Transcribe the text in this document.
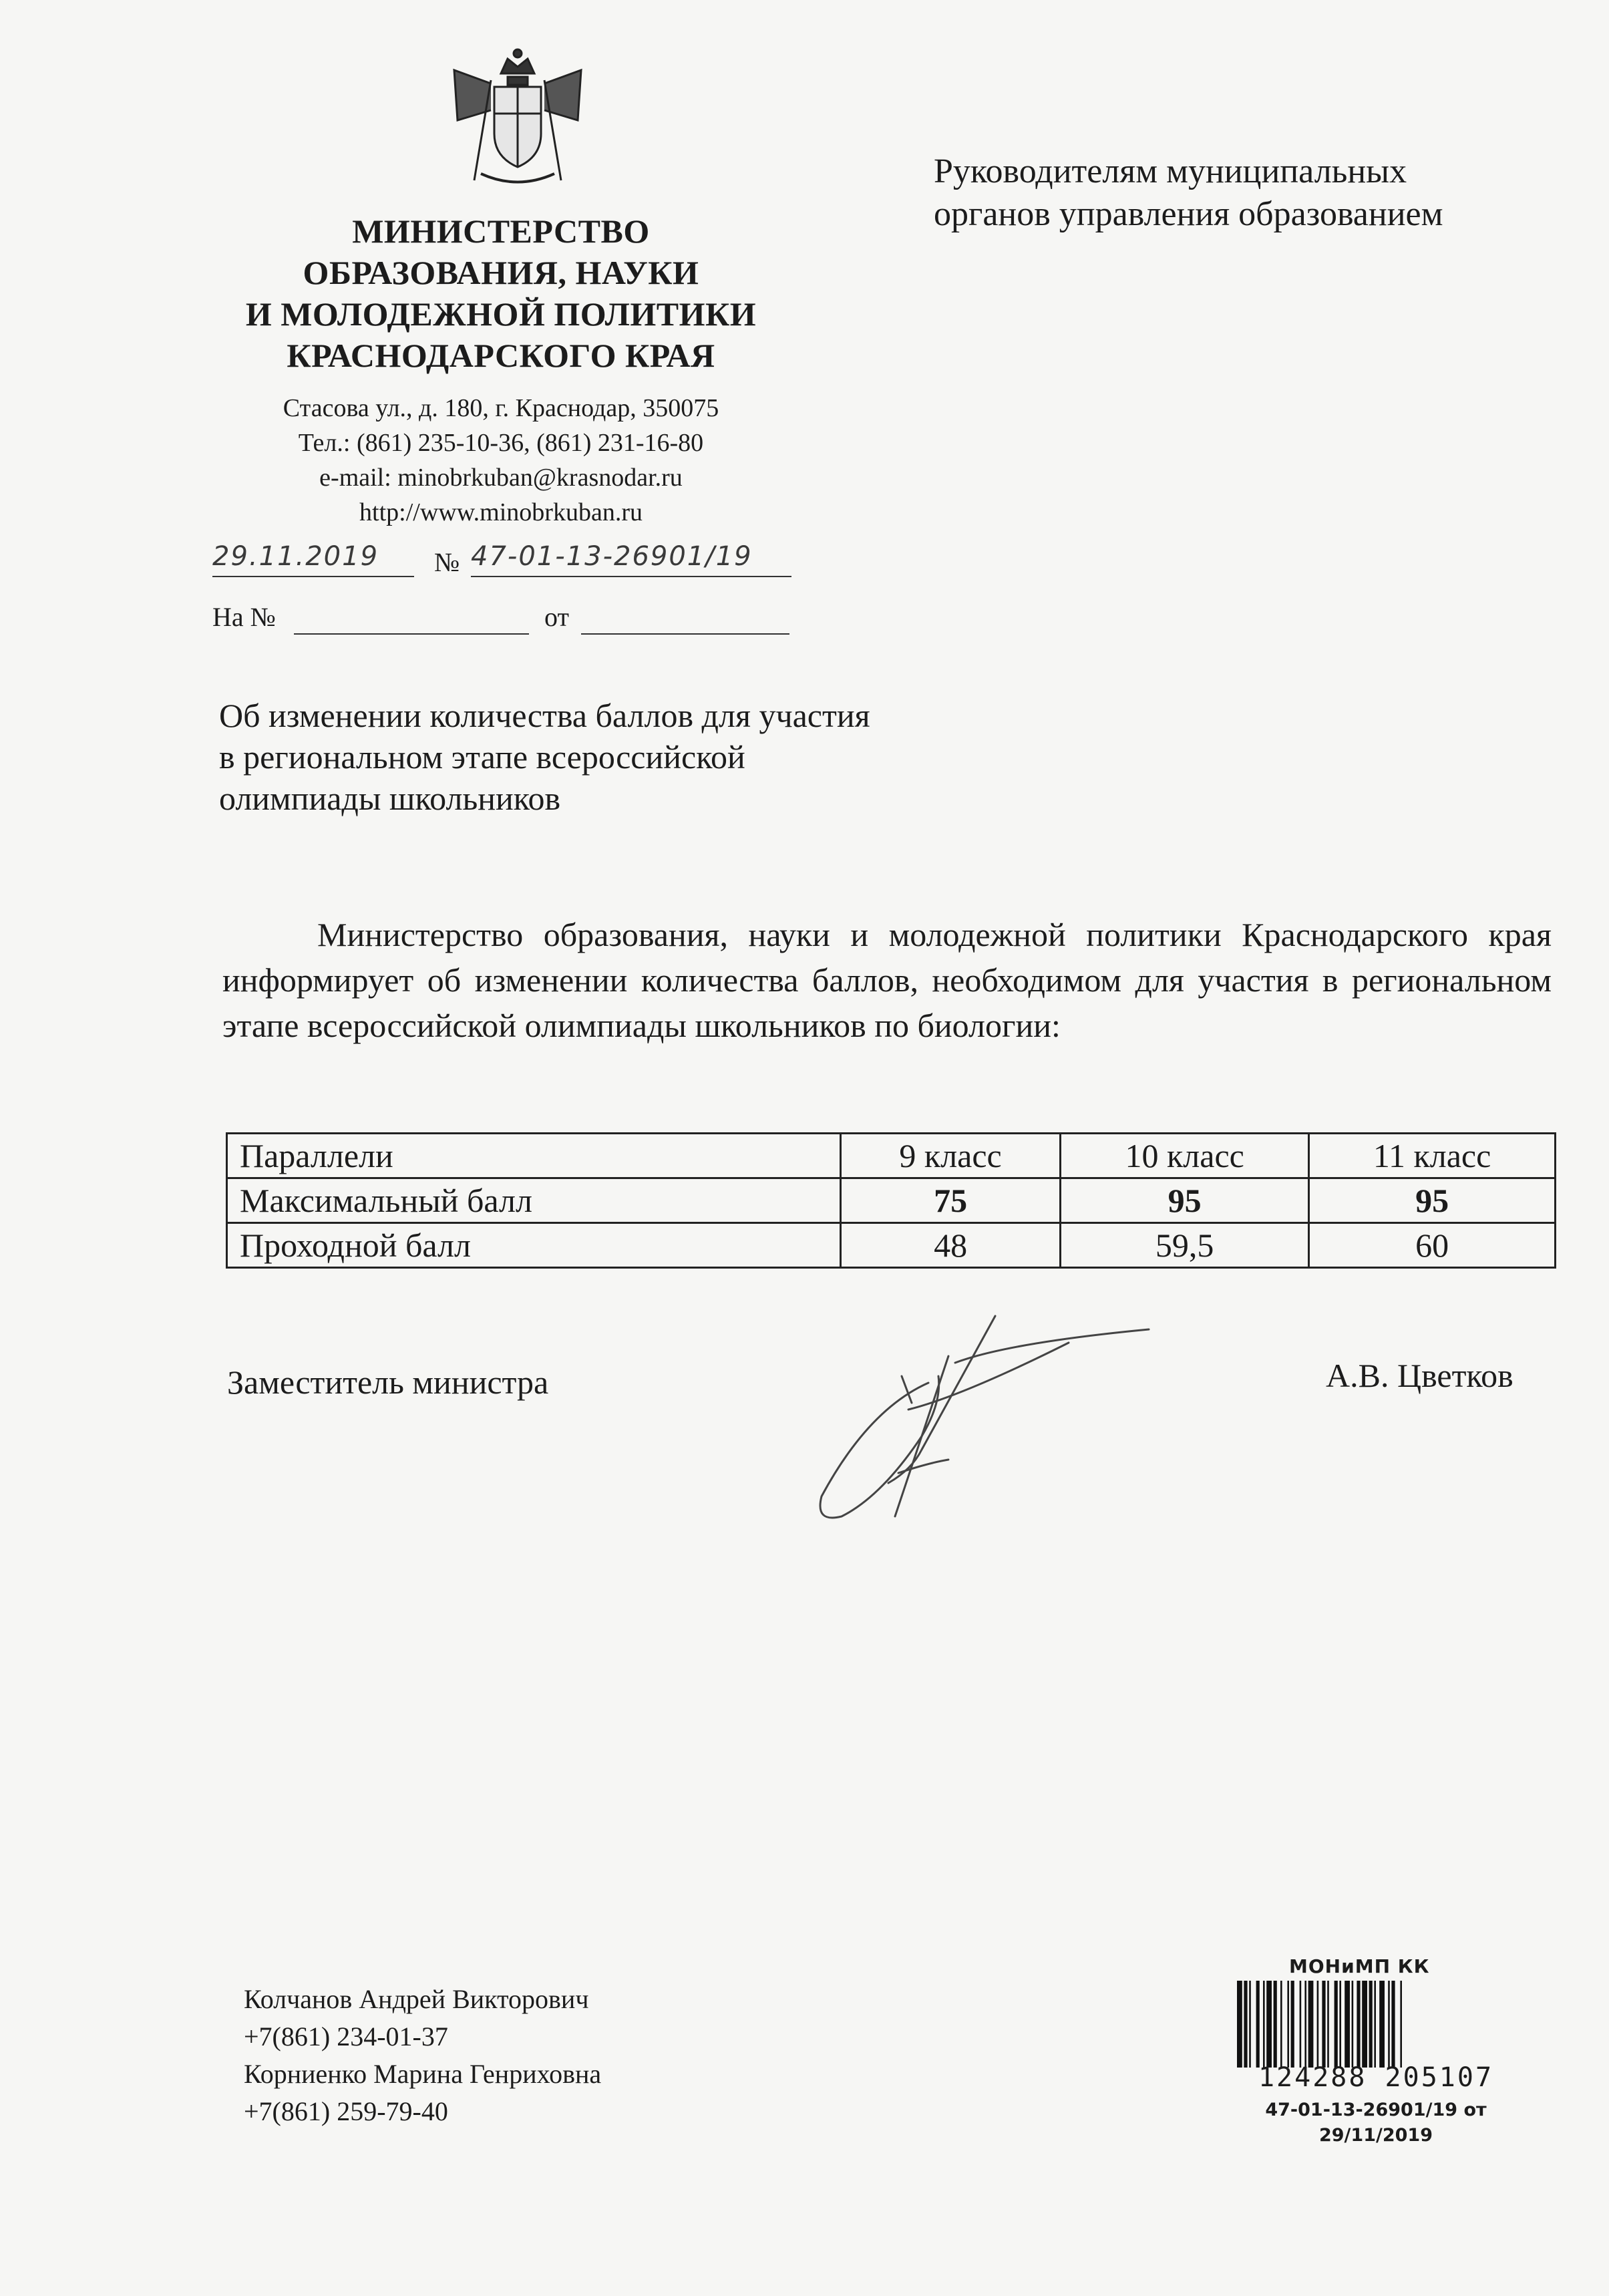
МИНИСТЕРСТВО
ОБРАЗОВАНИЯ, НАУКИ
И МОЛОДЕЖНОЙ ПОЛИТИКИ
КРАСНОДАРСКОГО КРАЯ
Стасова ул., д. 180, г. Краснодар, 350075
Тел.: (861) 235-10-36, (861) 231-16-80
e-mail: minobrkuban@krasnodar.ru
http://www.minobrkuban.ru
29.11.2019	№ 47-01-13-26901/19
На №	от
Руководителям муниципальных
органов управления образованием
Об изменении количества баллов для участия
в региональном этапе всероссийской
олимпиады школьников
Министерство образования, науки и молодежной политики Краснодарского края информирует об изменении количества баллов, необходимом для участия в региональном этапе всероссийской олимпиады школьников по биологии:
Параллели	9 класс	10 класс	11 класс
Максимальный балл	75	95	95
Проходной балл	48	59,5	60
Заместитель министра	А.В. Цветков
Колчанов Андрей Викторович
+7(861) 234-01-37
Корниенко Марина Генриховна
+7(861) 259-79-40
МОНиМП КК
124288 205107
47-01-13-26901/19 от
29/11/2019
